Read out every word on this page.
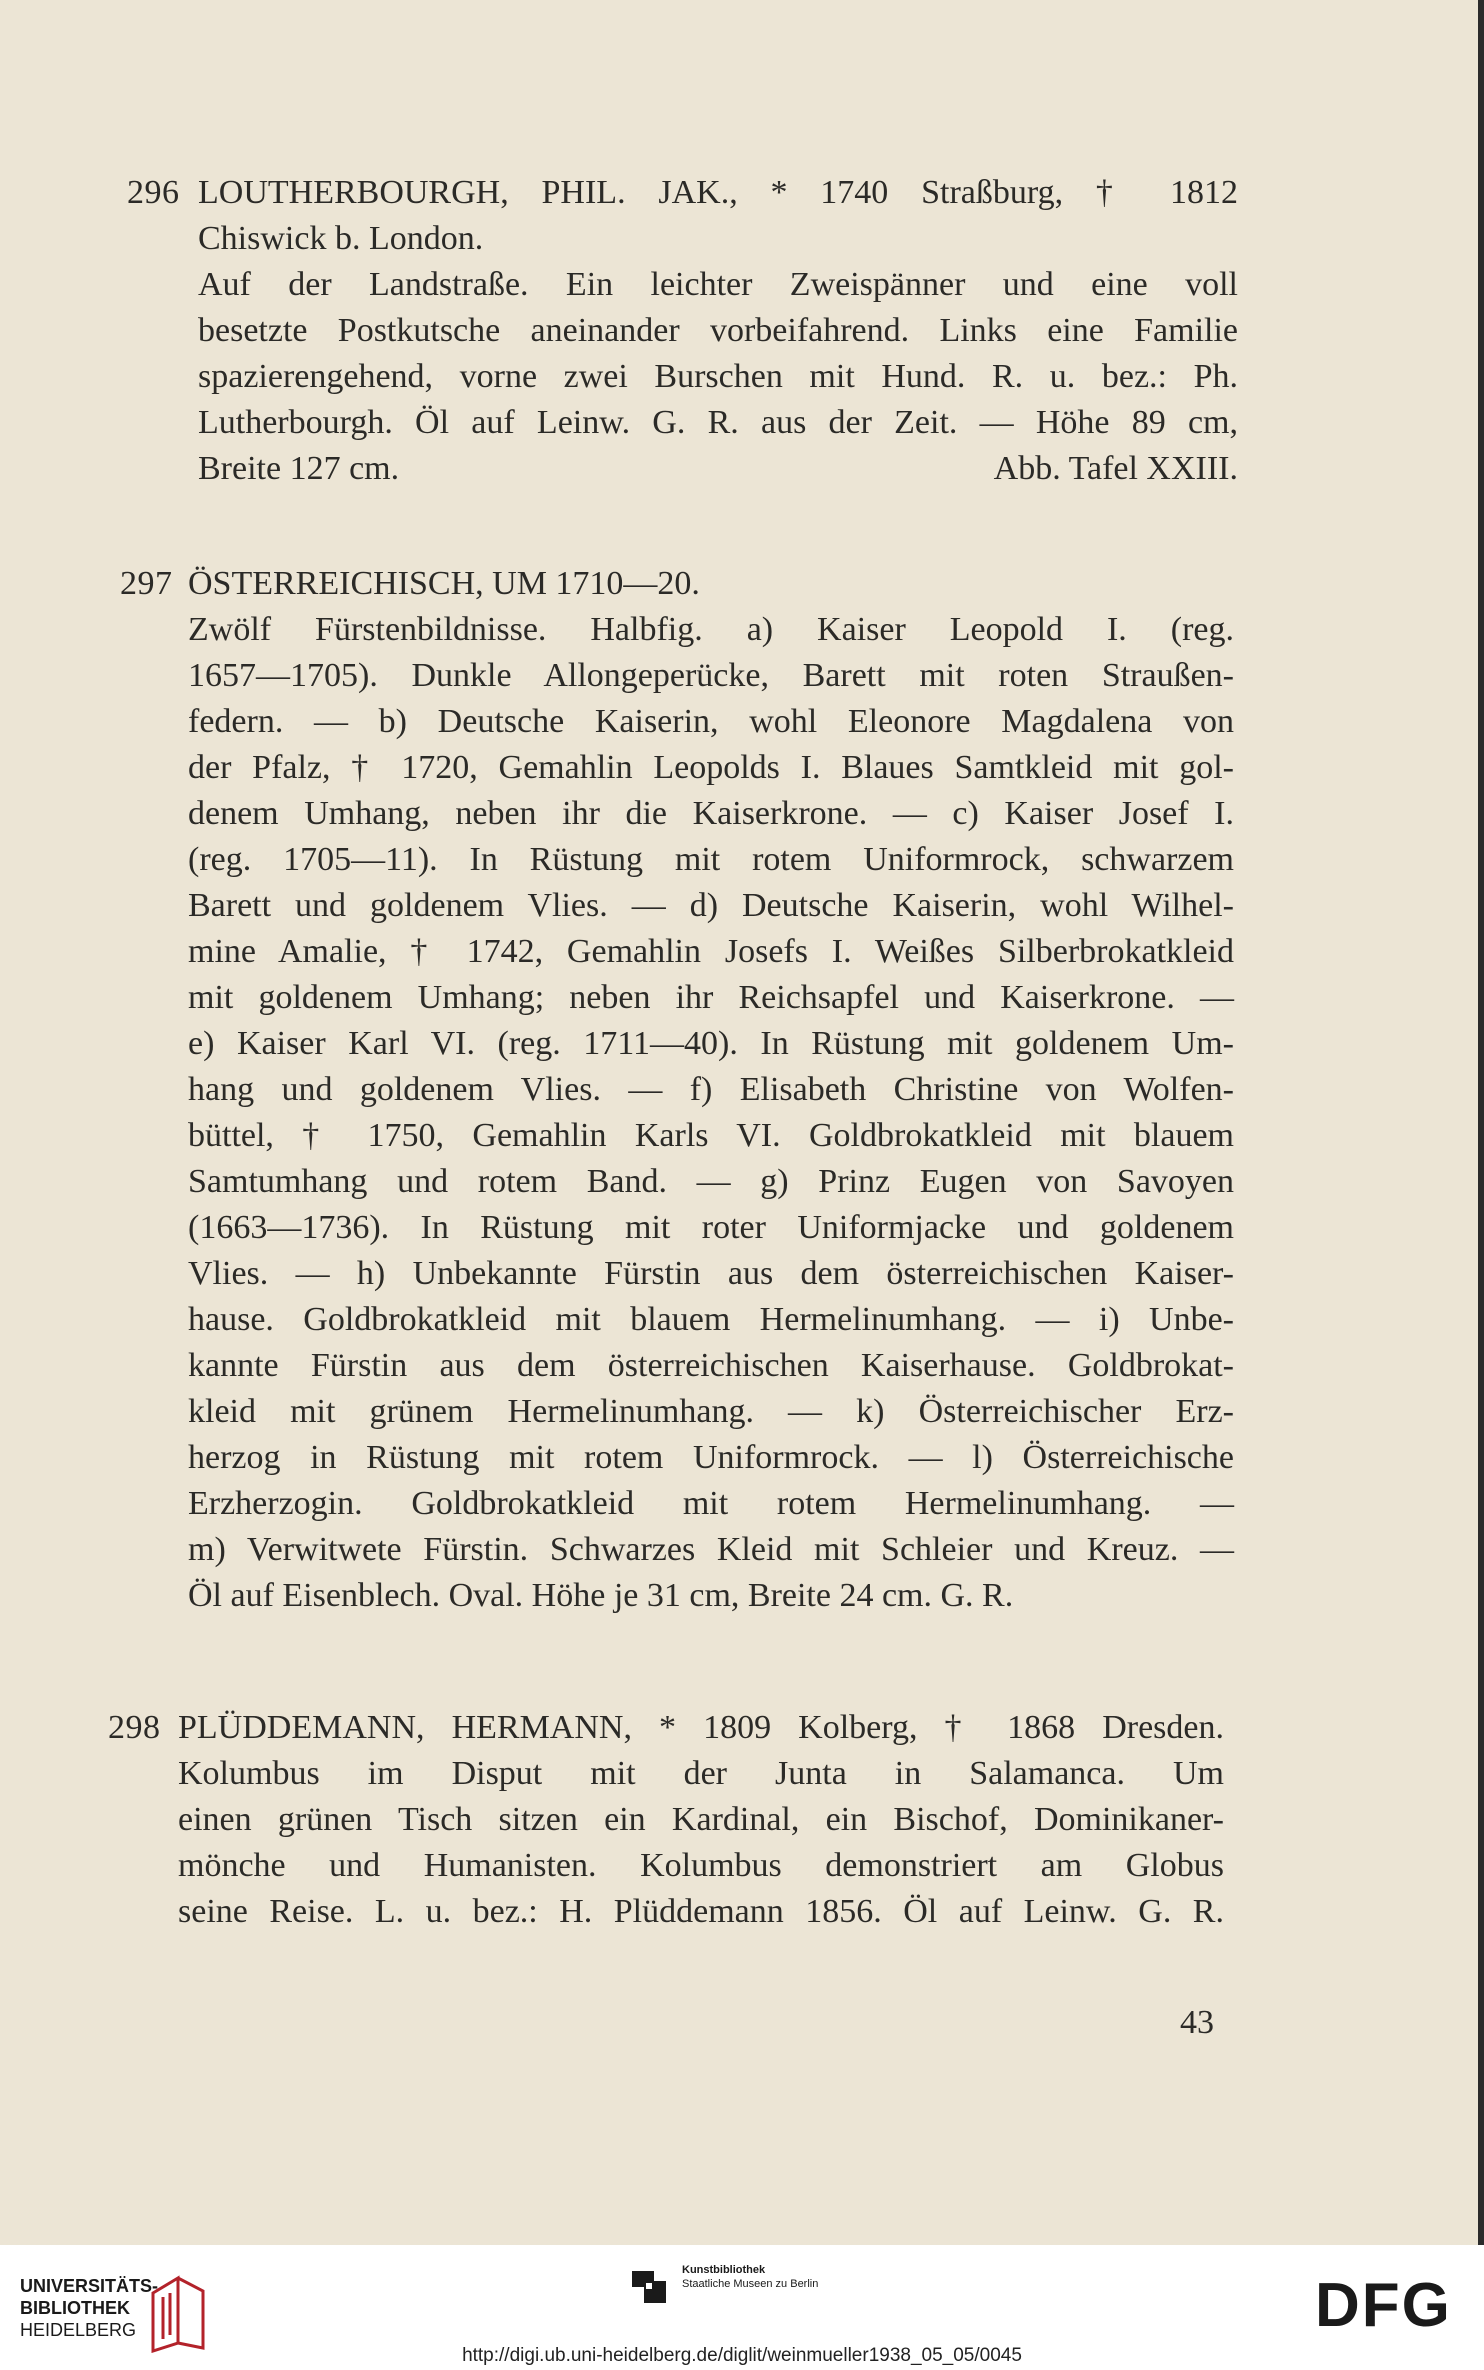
296 LOUTHERBOURGH, PHIL. JAK., * 1740 Straßburg, † 1812
Chiswick b. London.
Auf der Landstraße. Ein leichter Zweispänner und eine voll
besetzte Postkutsche aneinander vorbeifahrend. Links eine Familie
spazierengehend, vorne zwei Burschen mit Hund. R. u. bez.: Ph.
Lutherbourgh. Öl auf Leinw. G. R. aus der Zeit. — Höhe 89 cm,
Breite 127 cm.	Abb. Tafel XXIII.
297 ÖSTERREICHISCH, UM 1710—20.
Zwölf Fürstenbildnisse. Halbfig. a) Kaiser Leopold I. (reg.
1657—1705). Dunkle Allongeperücke, Barett mit roten Straußen-
federn. — b) Deutsche Kaiserin, wohl Eleonore Magdalena von
der Pfalz, † 1720, Gemahlin Leopolds I. Blaues Samtkleid mit gol-
denem Umhang, neben ihr die Kaiserkrone. — c) Kaiser Josef I.
(reg. 1705—11). In Rüstung mit rotem Uniformrock, schwarzem
Barett und goldenem Vlies. — d) Deutsche Kaiserin, wohl Wilhel-
mine Amalie, † 1742, Gemahlin Josefs I. Weißes Silberbrokatkleid
mit goldenem Umhang; neben ihr Reichsapfel und Kaiserkrone. —
e) Kaiser Karl VI. (reg. 1711—40). In Rüstung mit goldenem Um-
hang und goldenem Vlies. — f) Elisabeth Christine von Wolfen-
büttel, † 1750, Gemahlin Karls VI. Goldbrokatkleid mit blauem
Samtumhang und rotem Band. — g) Prinz Eugen von Savoyen
(1663—1736). In Rüstung mit roter Uniformjacke und goldenem
Vlies. — h) Unbekannte Fürstin aus dem österreichischen Kaiser-
hause. Goldbrokatkleid mit blauem Hermelinumhang. — i) Unbe-
kannte Fürstin aus dem österreichischen Kaiserhause. Goldbrokat-
kleid mit grünem Hermelinumhang. — k) Österreichischer Erz-
herzog in Rüstung mit rotem Uniformrock. — l) Österreichische
Erzherzogin. Goldbrokatkleid mit rotem Hermelinumhang. —
m) Verwitwete Fürstin. Schwarzes Kleid mit Schleier und Kreuz. —
Öl auf Eisenblech. Oval. Höhe je 31 cm, Breite 24 cm. G. R.
298 PLÜDDEMANN, HERMANN, * 1809 Kolberg, † 1868 Dresden.
Kolumbus im Disput mit der Junta in Salamanca. Um
einen grünen Tisch sitzen ein Kardinal, ein Bischof, Dominikaner-
mönche und Humanisten. Kolumbus demonstriert am Globus
seine Reise. L. u. bez.: H. Plüddemann 1856. Öl auf Leinw. G. R.
43
UNIVERSITÄTS-
BIBLIOTHEK
HEIDELBERG
Kunstbibliothek
Staatliche Museen zu Berlin	DFG
http://digi.ub.uni-heidelberg.de/diglit/weinmueller1938_05_05/0045
